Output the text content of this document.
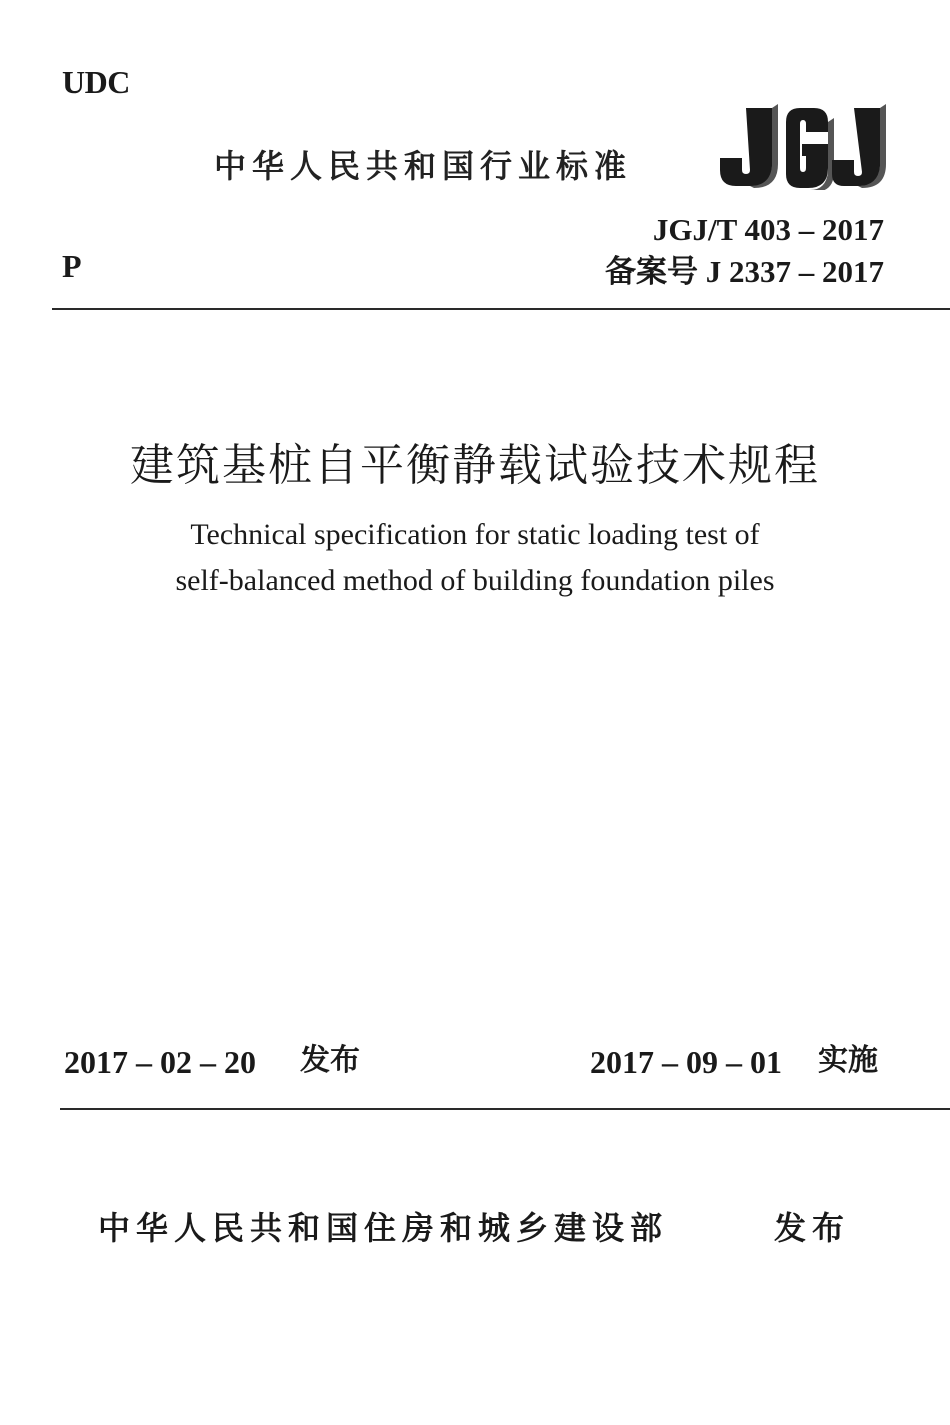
UDC
中华人民共和国行业标准
JGJ/T 403 – 2017
备案号 J 2337 – 2017
P
建筑基桩自平衡静载试验技术规程
Technical specification for static loading test of
self-balanced method of building foundation piles
2017 – 02 – 20 发布	2017 – 09 – 01 实施
中华人民共和国住房和城乡建设部	发布
